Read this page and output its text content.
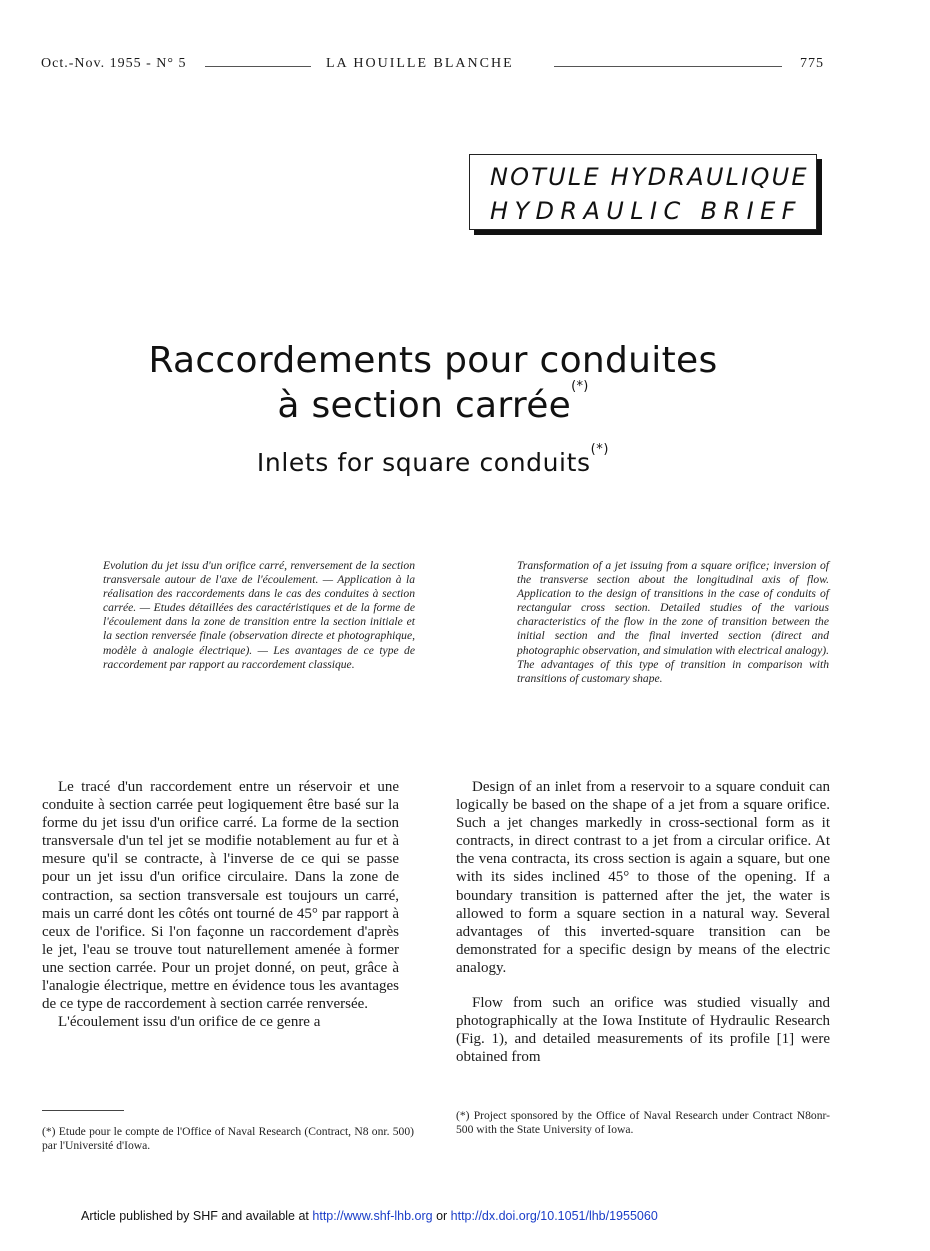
Oct.-Nov. 1955 - N° 5	LA HOUILLE BLANCHE	775
NOTULE HYDRAULIQUE
HYDRAULIC BRIEF
Raccordements pour conduites
à section carrée(*)
Inlets for square conduits(*)
Evolution du jet issu d'un orifice carré, renversement de la section transversale autour de l'axe de l'écoulement. — Application à la réalisation des raccordements dans le cas des conduites à section carrée. — Etudes détaillées des caractéristiques et de la forme de l'écoulement dans la zone de transition entre la section initiale et la section renversée finale (observation directe et photographique, modèle à analogie électrique). — Les avantages de ce type de raccordement par rapport au raccordement classique.
Transformation of a jet issuing from a square orifice; inversion of the transverse section about the longitudinal axis of flow. Application to the design of transitions in the case of conduits of rectangular cross section. Detailed studies of the various characteristics of the flow in the zone of transition between the initial section and the final inverted section (direct and photographic observation, and simulation with electrical analogy). The advantages of this type of transition in comparison with transitions of customary shape.

Le tracé d'un raccordement entre un réservoir et une conduite à section carrée peut logiquement être basé sur la forme du jet issu d'un orifice carré. La forme de la section transversale d'un tel jet se modifie notablement au fur et à mesure qu'il se contracte, à l'inverse de ce qui se passe pour un jet issu d'un orifice circulaire. Dans la zone de contraction, sa section transversale est toujours un carré, mais un carré dont les côtés ont tourné de 45° par rapport à ceux de l'orifice. Si l'on façonne un raccordement d'après le jet, l'eau se trouve tout naturellement amenée à former une section carrée. Pour un projet donné, on peut, grâce à l'analogie électrique, mettre en évidence tous les avantages de ce type de raccordement à section carrée renversée.

L'écoulement issu d'un orifice de ce genre a

Design of an inlet from a reservoir to a square conduit can logically be based on the shape of a jet from a square orifice. Such a jet changes markedly in cross-sectional form as it contracts, in direct contrast to a jet from a circular orifice. At the vena contracta, its cross section is again a square, but one with its sides inclined 45° to those of the opening. If a boundary transition is patterned after the jet, the water is allowed to form a square section in a natural way. Several advantages of this inverted-square transition can be demonstrated for a specific design by means of the electric analogy.

Flow from such an orifice was studied visually and photographically at the Iowa Institute of Hydraulic Research (Fig. 1), and detailed measurements of its profile [1] were obtained from

(*) Etude pour le compte de l'Office of Naval Research (Contract, N8 onr. 500) par l'Université d'Iowa.
(*) Project sponsored by the Office of Naval Research under Contract N8onr-500 with the State University of Iowa.
Article published by SHF and available at http://www.shf-lhb.org or http://dx.doi.org/10.1051/lhb/1955060
